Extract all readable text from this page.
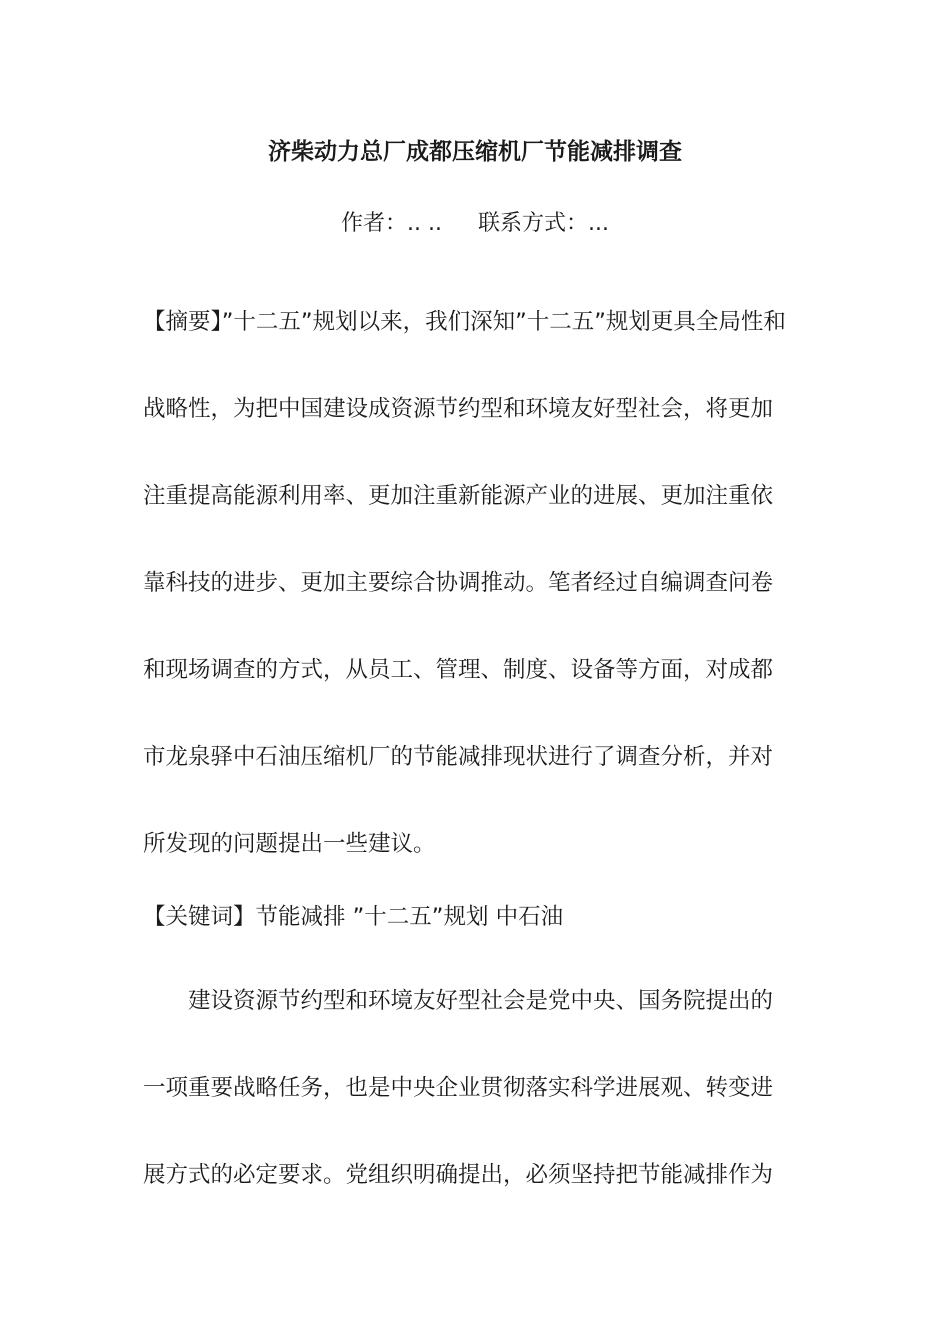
济柴动力总厂成都压缩机厂节能减排调查
作者：.. .. 联系方式：...
【摘要】”十二五”规划以来，我们深知”十二五”规划更具全局性和
战略性，为把中国建设成资源节约型和环境友好型社会，将更加
注重提高能源利用率、更加注重新能源产业的进展、更加注重依
靠科技的进步、更加主要综合协调推动。笔者经过自编调查问卷
和现场调查的方式，从员工、管理、制度、设备等方面，对成都
市龙泉驿中石油压缩机厂的节能减排现状进行了调查分析，并对
所发现的问题提出一些建议。
【关键词】节能减排 ”十二五”规划 中石油
　　建设资源节约型和环境友好型社会是党中央、国务院提出的
一项重要战略任务，也是中央企业贯彻落实科学进展观、转变进
展方式的必定要求。党组织明确提出，必须坚持把节能减排作为
